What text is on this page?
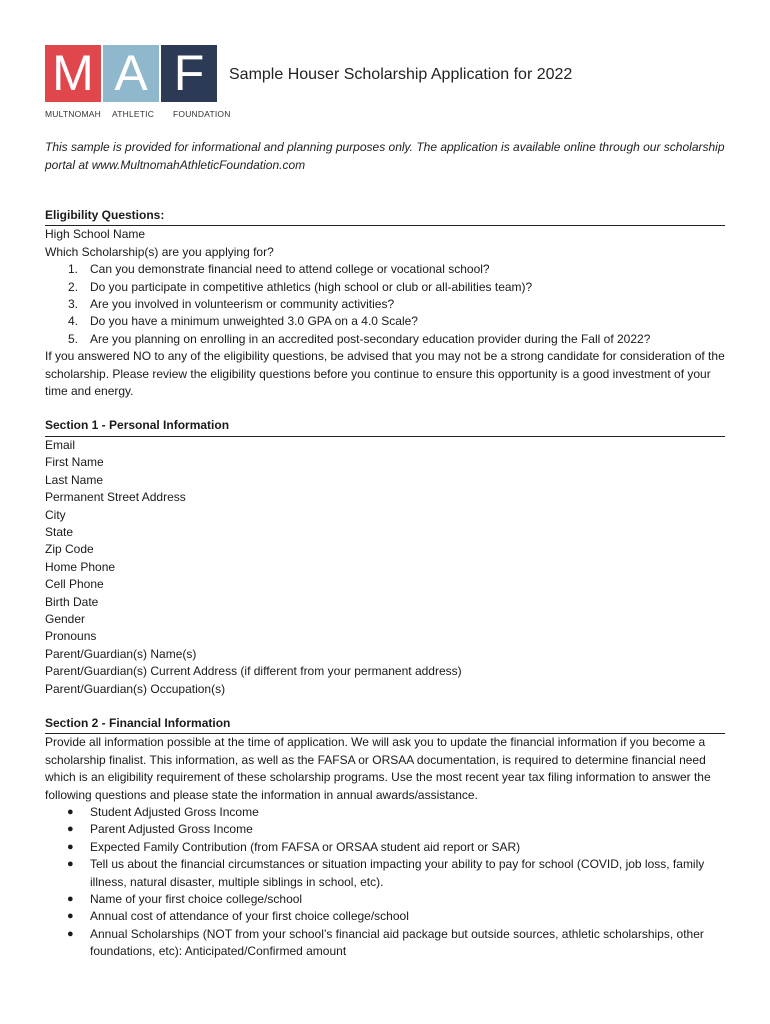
M A F
MULTNOMAH ATHLETIC FOUNDATION
Sample Houser Scholarship Application for 2022
This sample is provided for informational and planning purposes only. The application is available online through our scholarship portal at www.MultnomahAthleticFoundation.com

Eligibility Questions:

High School Name

Which Scholarship(s) are you applying for?

1. Can you demonstrate financial need to attend college or vocational school?
2. Do you participate in competitive athletics (high school or club or all-abilities team)?
3. Are you involved in volunteerism or community activities?
4. Do you have a minimum unweighted 3.0 GPA on a 4.0 Scale?
5. Are you planning on enrolling in an accredited post-secondary education provider during the Fall of 2022?

If you answered NO to any of the eligibility questions, be advised that you may not be a strong candidate for consideration of the scholarship. Please review the eligibility questions before you continue to ensure this opportunity is a good investment of your time and energy.

Section 1 - Personal Information

Email

First Name

Last Name

Permanent Street Address

City

State

Zip Code

Home Phone

Cell Phone

Birth Date

Gender

Pronouns

Parent/Guardian(s) Name(s)

Parent/Guardian(s) Current Address (if different from your permanent address)

Parent/Guardian(s) Occupation(s)

Section 2 - Financial Information

Provide all information possible at the time of application. We will ask you to update the financial information if you become a scholarship finalist. This information, as well as the FAFSA or ORSAA documentation, is required to determine financial need which is an eligibility requirement of these scholarship programs. Use the most recent year tax filing information to answer the following questions and please state the information in annual awards/assistance.

● Student Adjusted Gross Income
● Parent Adjusted Gross Income
● Expected Family Contribution (from FAFSA or ORSAA student aid report or SAR)
● Tell us about the financial circumstances or situation impacting your ability to pay for school (COVID, job loss, family illness, natural disaster, multiple siblings in school, etc).
● Name of your first choice college/school
● Annual cost of attendance of your first choice college/school
● Annual Scholarships (NOT from your school’s financial aid package but outside sources, athletic scholarships, other foundations, etc): Anticipated/Confirmed amount
